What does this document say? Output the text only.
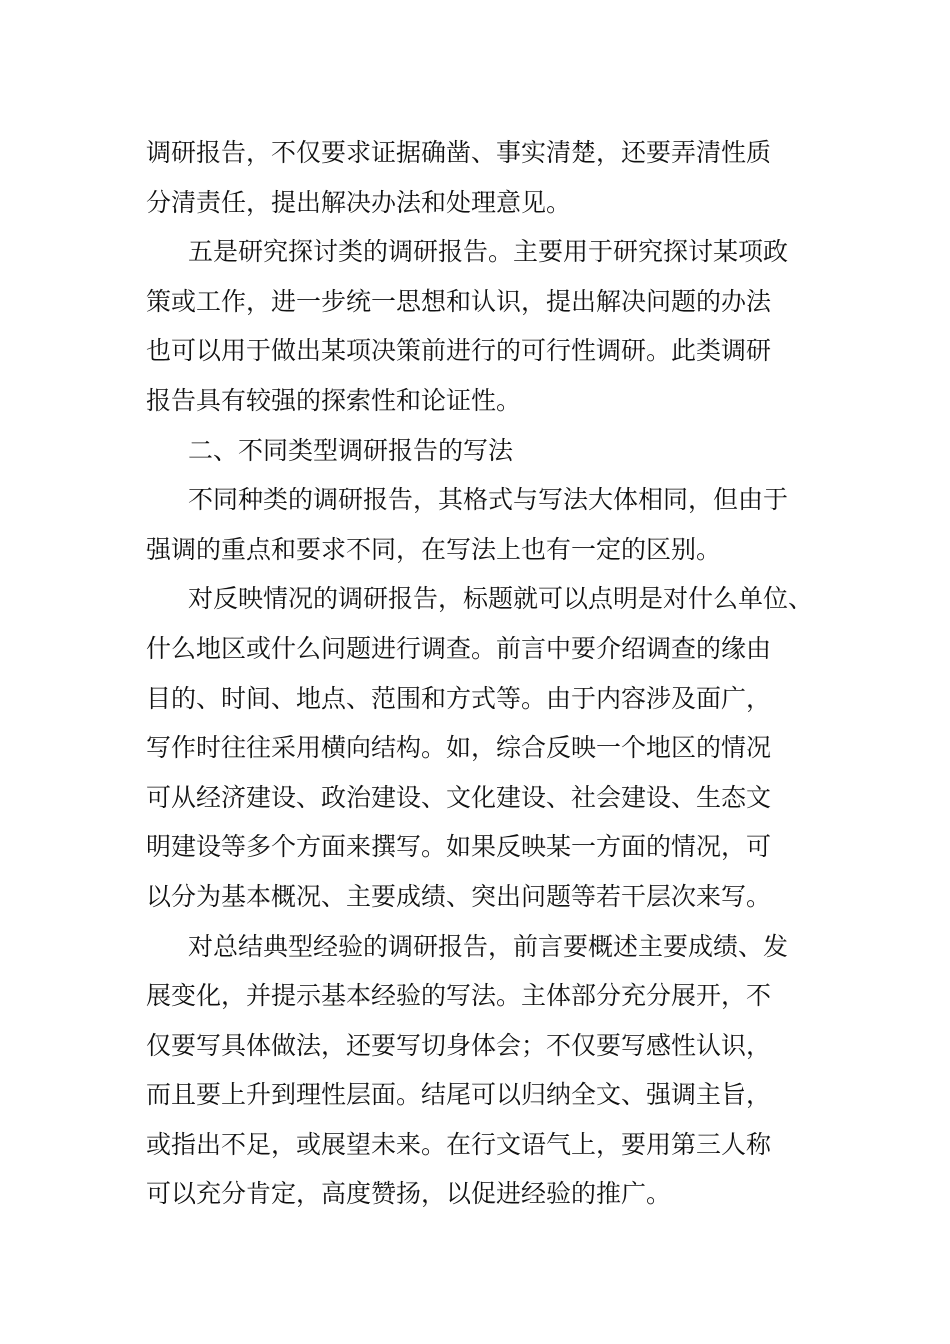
调研报告，不仅要求证据确凿、事实清楚，还要弄清性质
分清责任，提出解决办法和处理意见。
五是研究探讨类的调研报告。主要用于研究探讨某项政
策或工作，进一步统一思想和认识，提出解决问题的办法
也可以用于做出某项决策前进行的可行性调研。此类调研
报告具有较强的探索性和论证性。
二、不同类型调研报告的写法
不同种类的调研报告，其格式与写法大体相同，但由于
强调的重点和要求不同，在写法上也有一定的区别。
对反映情况的调研报告，标题就可以点明是对什么单位、
什么地区或什么问题进行调查。前言中要介绍调查的缘由
目的、时间、地点、范围和方式等。由于内容涉及面广，
写作时往往采用横向结构。如，综合反映一个地区的情况
可从经济建设、政治建设、文化建设、社会建设、生态文
明建设等多个方面来撰写。如果反映某一方面的情况，可
以分为基本概况、主要成绩、突出问题等若干层次来写。
对总结典型经验的调研报告，前言要概述主要成绩、发
展变化，并提示基本经验的写法。主体部分充分展开，不
仅要写具体做法，还要写切身体会；不仅要写感性认识，
而且要上升到理性层面。结尾可以归纳全文、强调主旨，
或指出不足，或展望未来。在行文语气上，要用第三人称
可以充分肯定，高度赞扬，以促进经验的推广。
